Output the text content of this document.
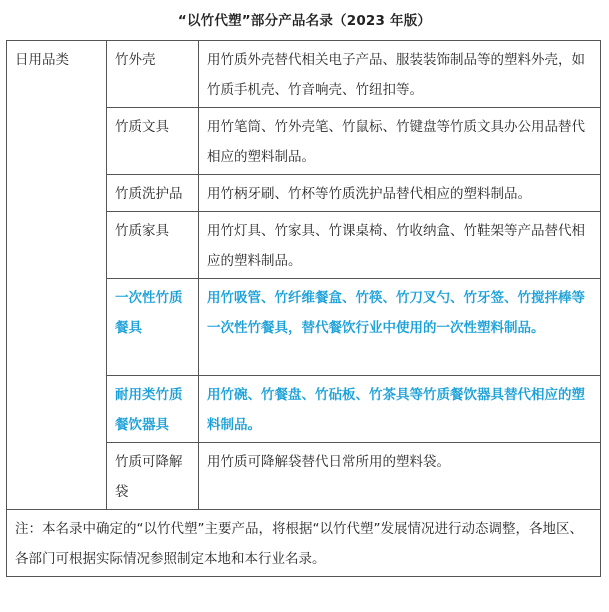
“以竹代塑”部分产品名录（2023 年版）
日用品类	竹外壳	用竹质外壳替代相关电子产品、服装装饰制品等的塑料外壳，如竹质手机壳、竹音响壳、竹纽扣等。
	竹质文具	用竹笔筒、竹外壳笔、竹鼠标、竹键盘等竹质文具办公用品替代相应的塑料制品。
	竹质洗护品	用竹柄牙刷、竹杯等竹质洗护品替代相应的塑料制品。
	竹质家具	用竹灯具、竹家具、竹课桌椅、竹收纳盒、竹鞋架等产品替代相应的塑料制品。
	一次性竹质餐具	用竹吸管、竹纤维餐盒、竹筷、竹刀叉勺、竹牙签、竹搅拌棒等一次性竹餐具，替代餐饮行业中使用的一次性塑料制品。
	耐用类竹质餐饮器具	用竹碗、竹餐盘、竹砧板、竹茶具等竹质餐饮器具替代相应的塑料制品。
	竹质可降解袋	用竹质可降解袋替代日常所用的塑料袋。
注：本名录中确定的“以竹代塑”主要产品，将根据“以竹代塑”发展情况进行动态调整，各地区、各部门可根据实际情况参照制定本地和本行业名录。		
